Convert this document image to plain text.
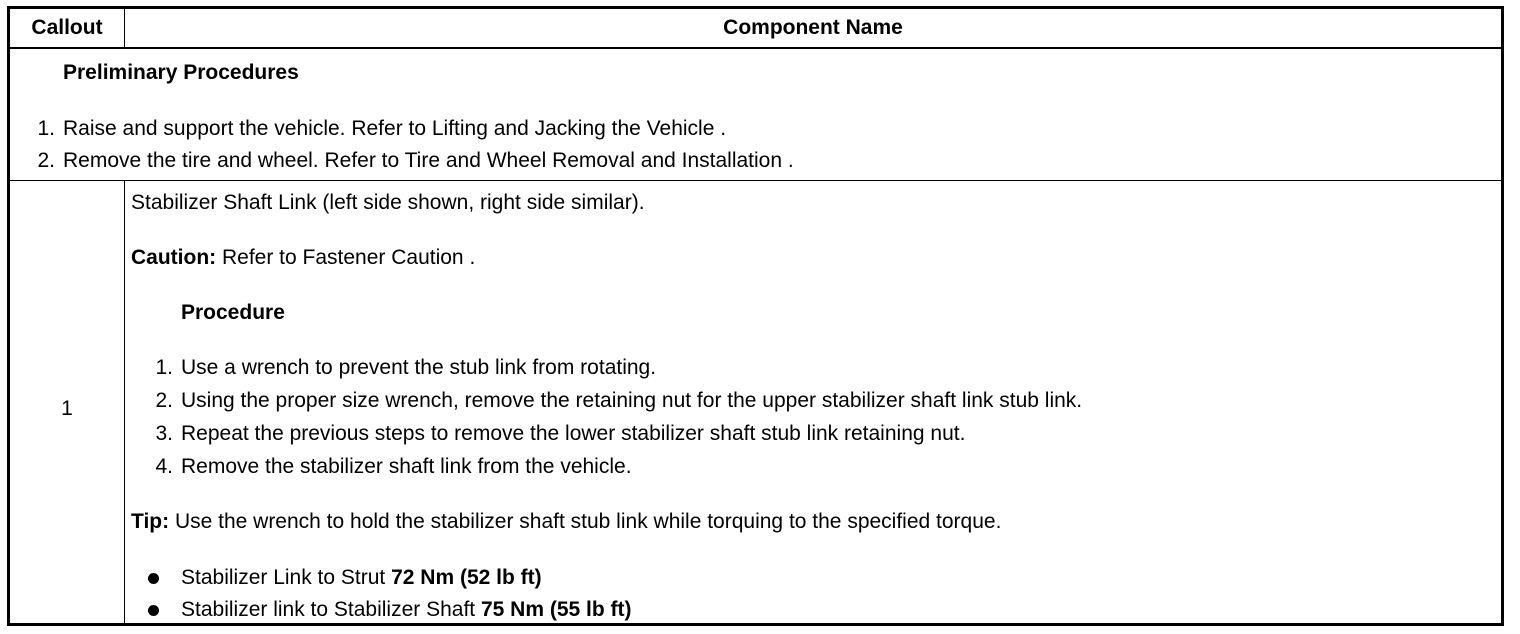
Callout	Component Name
Preliminary Procedures
1. Raise and support the vehicle. Refer to Lifting and Jacking the Vehicle .
2. Remove the tire and wheel. Refer to Tire and Wheel Removal and Installation .
1
Stabilizer Shaft Link (left side shown, right side similar).
Caution: Refer to Fastener Caution .
Procedure
1. Use a wrench to prevent the stub link from rotating.
2. Using the proper size wrench, remove the retaining nut for the upper stabilizer shaft link stub link.
3. Repeat the previous steps to remove the lower stabilizer shaft stub link retaining nut.
4. Remove the stabilizer shaft link from the vehicle.
Tip: Use the wrench to hold the stabilizer shaft stub link while torquing to the specified torque.
Stabilizer Link to Strut 72 Nm (52 lb ft)
Stabilizer link to Stabilizer Shaft 75 Nm (55 lb ft)
